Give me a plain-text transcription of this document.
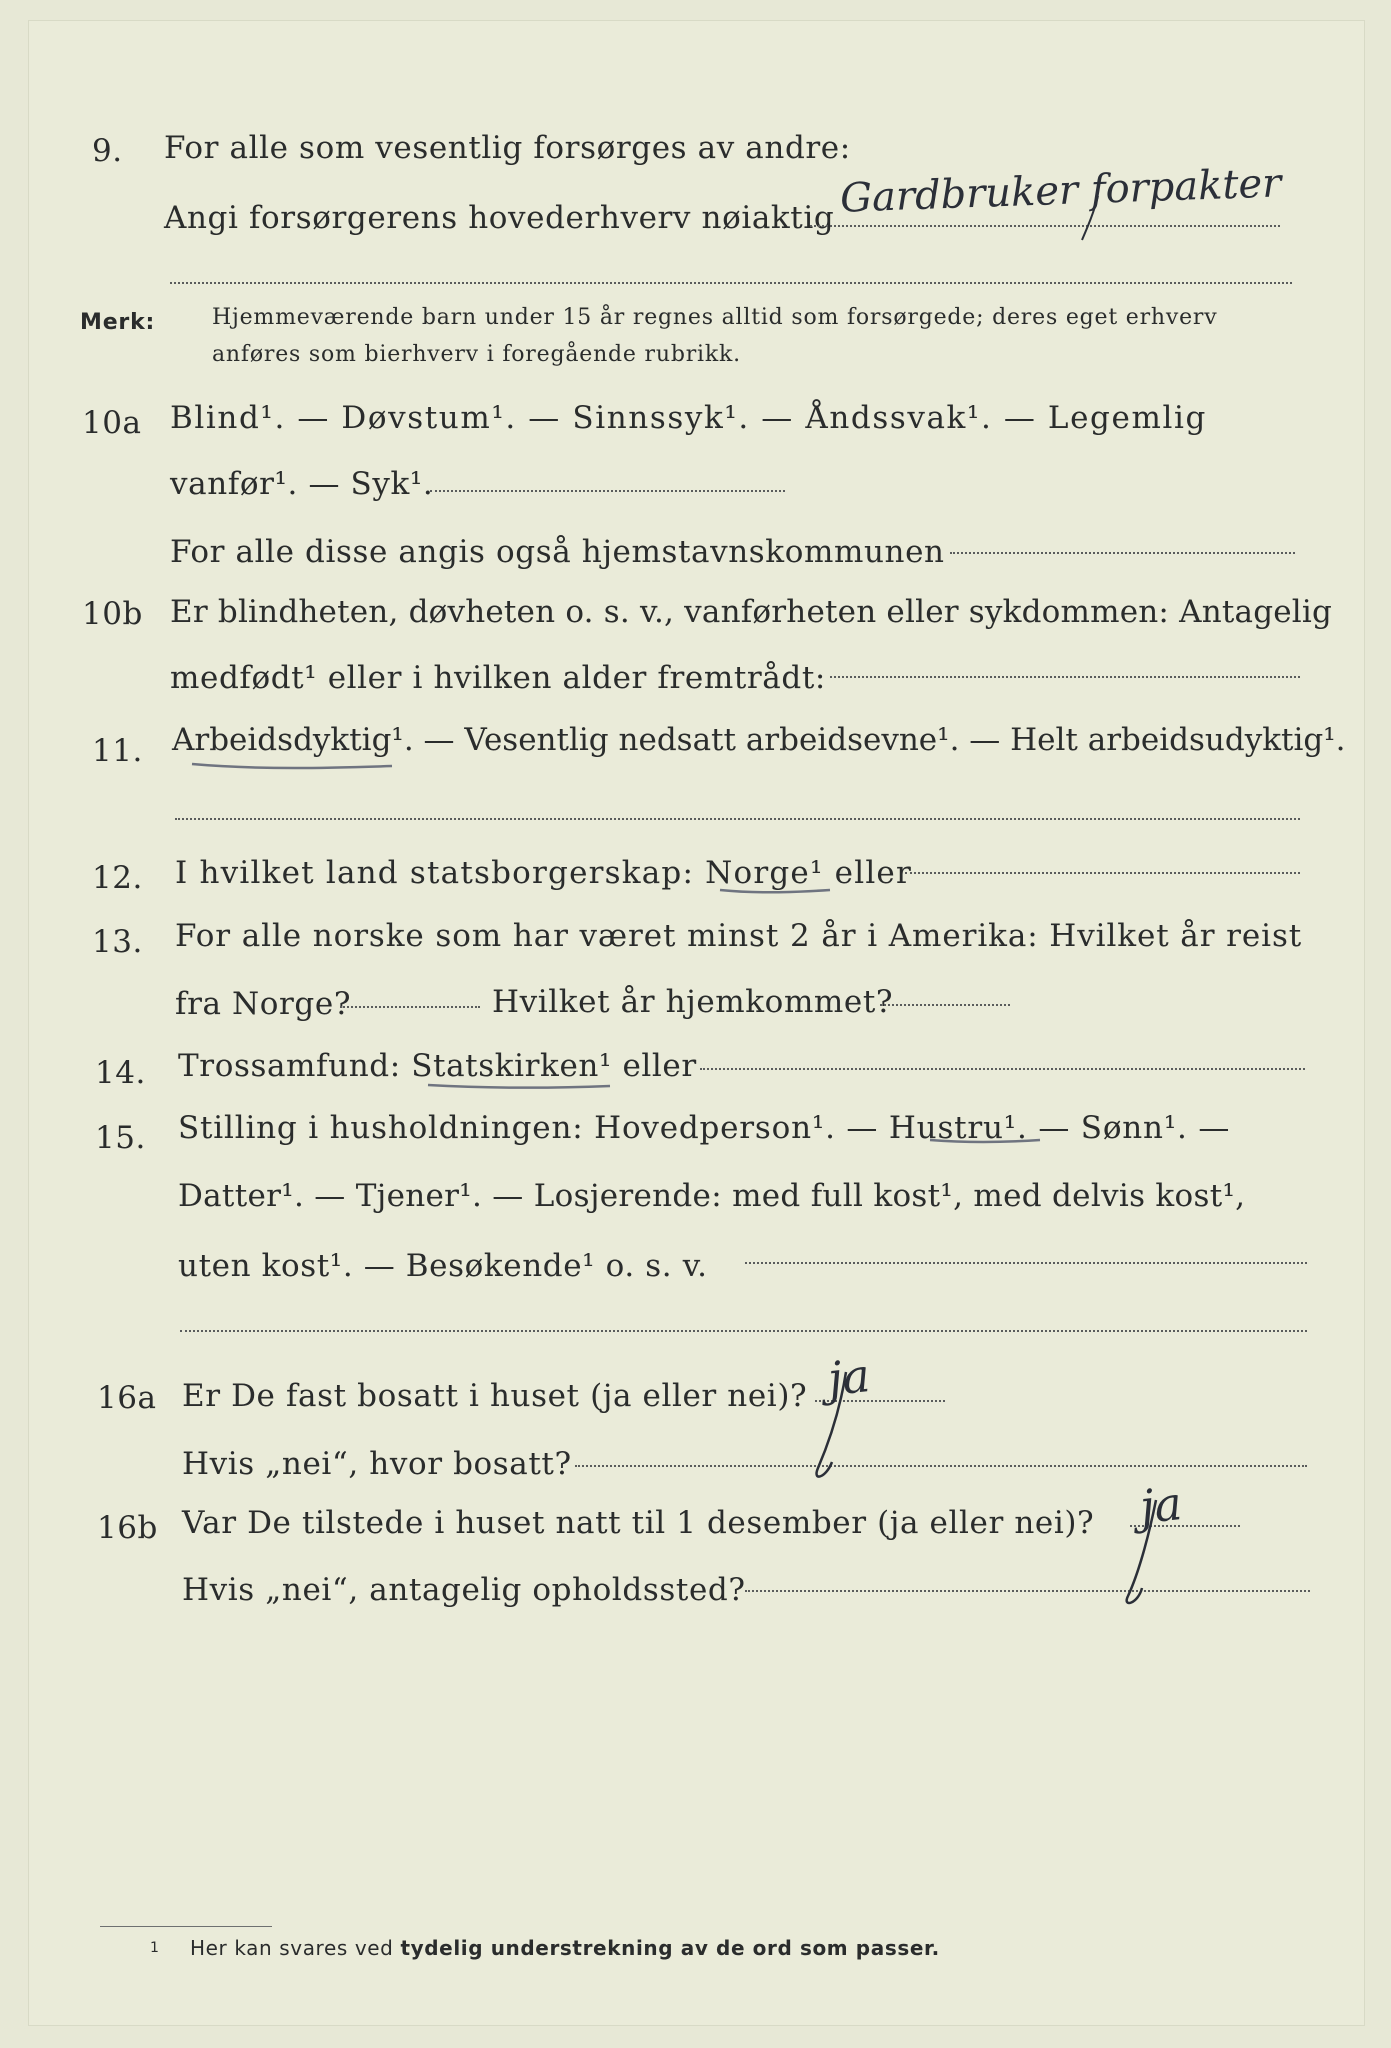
9. For alle som vesentlig forsørges av andre:
Angi forsørgerens hovederhverv nøiaktig Gardbruker forpakter
Merk:	Hjemmeværende barn under 15 år regnes alltid som forsørgede; deres eget erhverv
anføres som bierhverv i foregående rubrikk.
10a Blind¹. — Døvstum¹. — Sinnssyk¹. — Åndssvak¹. — Legemlig
vanfør¹. — Syk¹.
For alle disse angis også hjemstavnskommunen
10b Er blindheten, døvheten o. s. v., vanførheten eller sykdommen: Antagelig
medfødt¹ eller i hvilken alder fremtrådt:
11. Arbeidsdyktig¹. — Vesentlig nedsatt arbeidsevne¹. — Helt arbeidsudyktig¹.
12. I hvilket land statsborgerskap: Norge¹ eller
13. For alle norske som har været minst 2 år i Amerika: Hvilket år reist
fra Norge?	Hvilket år hjemkommet?
14. Trossamfund: Statskirken¹ eller
15. Stilling i husholdningen: Hovedperson¹. — Hustru¹. — Sønn¹. —
Datter¹. — Tjener¹. — Losjerende: med full kost¹, med delvis kost¹,
uten kost¹. — Besøkende¹ o. s. v.
16a Er De fast bosatt i huset (ja eller nei)? ja
Hvis „nei“, hvor bosatt?
16b Var De tilstede i huset natt til 1 desember (ja eller nei)? ja
Hvis „nei“, antagelig opholdssted?
1 Her kan svares ved tydelig understrekning av de ord som passer.
